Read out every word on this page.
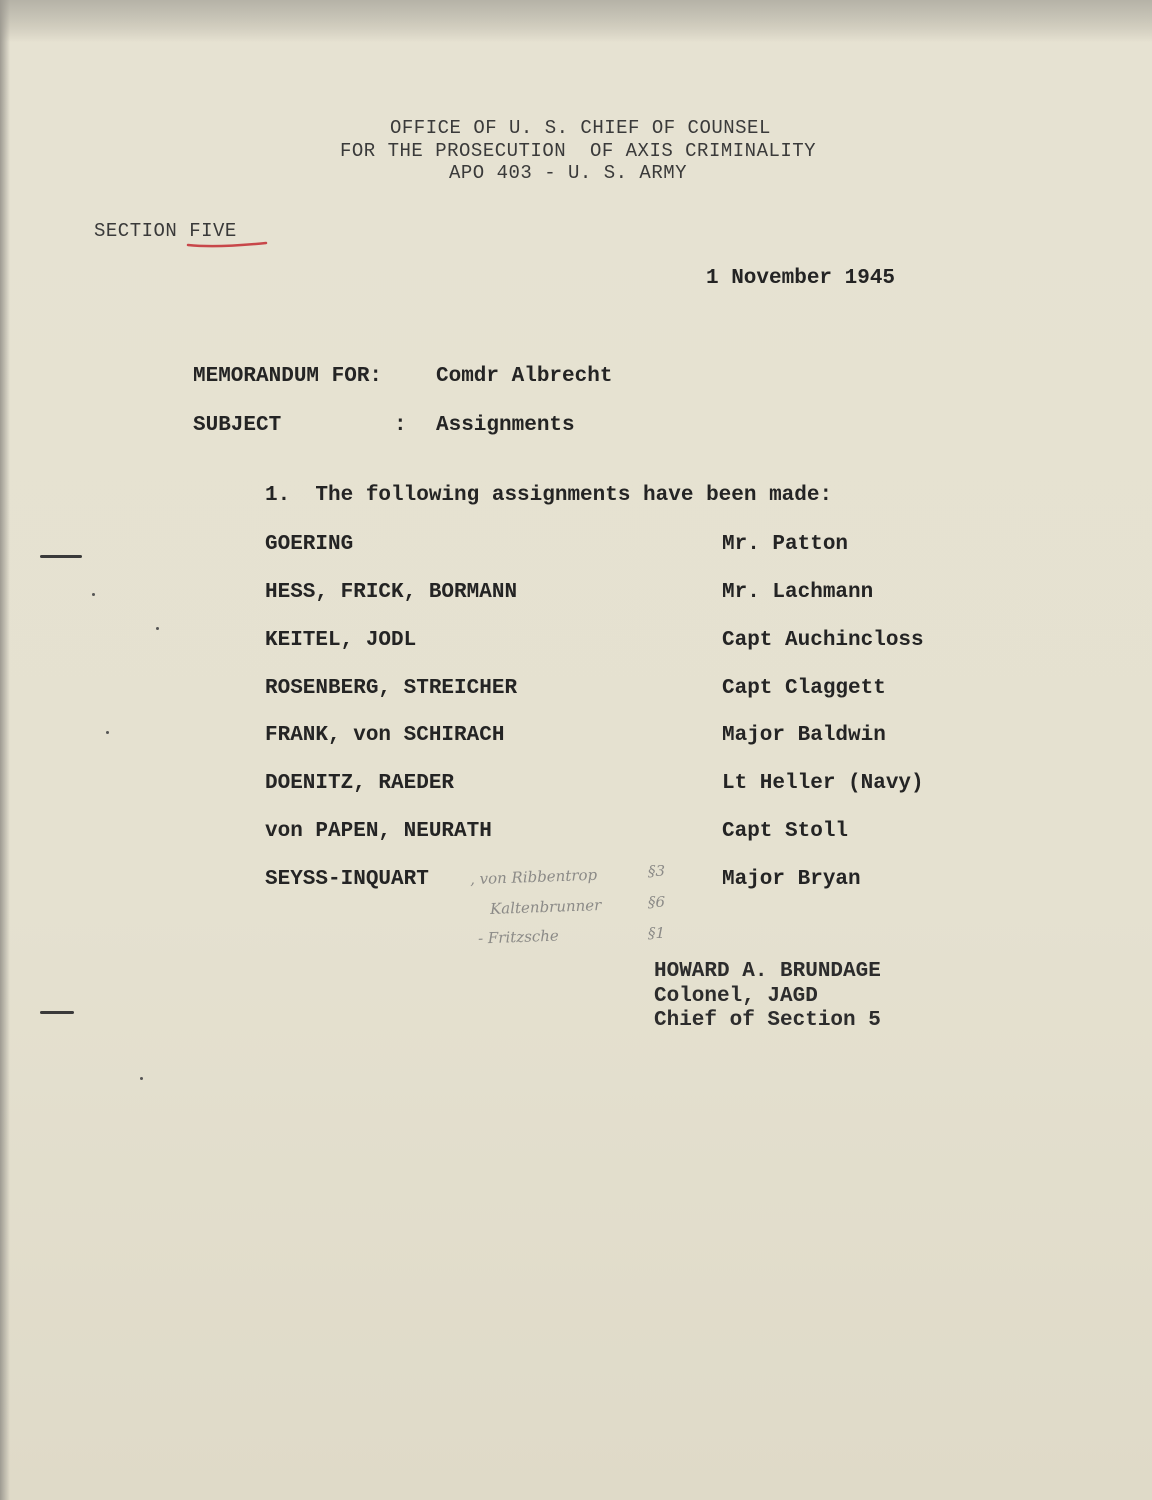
OFFICE OF U. S. CHIEF OF COUNSEL
FOR THE PROSECUTION  OF AXIS CRIMINALITY
APO 403 - U. S. ARMY
SECTION FIVE
1 November 1945
MEMORANDUM FOR:	Comdr Albrecht
SUBJECT	: Assignments
1.  The following assignments have been made:
GOERING	Mr. Patton
HESS, FRICK, BORMANN	Mr. Lachmann
KEITEL, JODL	Capt Auchincloss
ROSENBERG, STREICHER	Capt Claggett
FRANK, von SCHIRACH	Major Baldwin
DOENITZ, RAEDER	Lt Heller (Navy)
von PAPEN, NEURATH	Capt Stoll
SEYSS-INQUART	Major Bryan
, von Ribbentrop	§3
Kaltenbrunner	§6
- Fritzsche	§1
HOWARD A. BRUNDAGE
Colonel, JAGD
Chief of Section 5
